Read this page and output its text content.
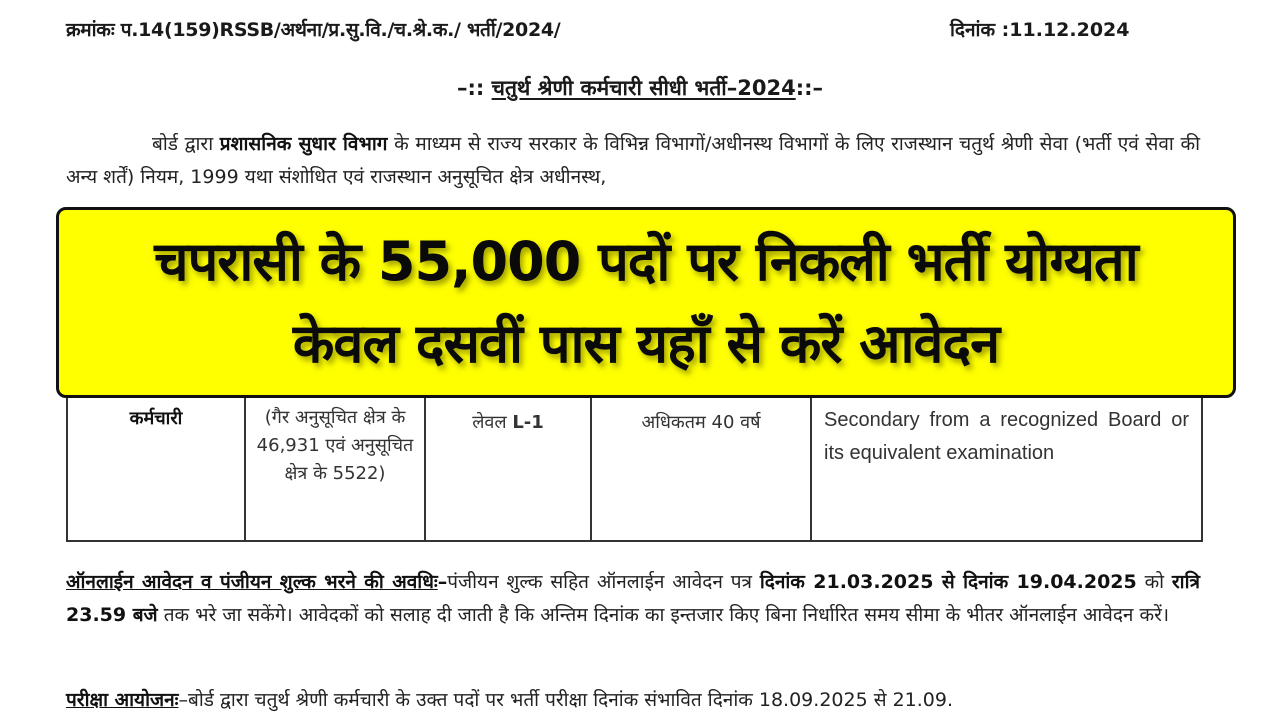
क्रमांकः प.14(159)RSSB/अर्थना/प्र.सु.वि./च.श्रे.क./ भर्ती/2024/	दिनांक :11.12.2024
–:: चतुर्थ श्रेणी कर्मचारी सीधी भर्ती–2024::–
बोर्ड द्वारा प्रशासनिक सुधार विभाग के माध्यम से राज्य सरकार के विभिन्न विभागों/अधीनस्थ विभागों के लिए राजस्थान चतुर्थ श्रेणी सेवा (भर्ती एवं सेवा की अन्य शर्तें) नियम, 1999 यथा संशोधित एवं राजस्थान अनुसूचित क्षेत्र अधीनस्थ,
कर्मचारी	(गैर अनुसूचित क्षेत्र के 46,931 एवं अनुसूचित क्षेत्र के 5522)	लेवल L-1	अधिकतम 40 वर्ष	Secondary from a recognized Board or its equivalent examination
ऑनलाईन आवेदन व पंजीयन शुल्क भरने की अवधिः–पंजीयन शुल्क सहित ऑनलाईन आवेदन पत्र दिनांक 21.03.2025 से दिनांक 19.04.2025 को रात्रि 23.59 बजे तक भरे जा सकेंगे। आवेदकों को सलाह दी जाती है कि अन्तिम दिनांक का इन्तजार किए बिना निर्धारित समय सीमा के भीतर ऑनलाईन आवेदन करें।
परीक्षा आयोजनः–बोर्ड द्वारा चतुर्थ श्रेणी कर्मचारी के उक्त पदों पर भर्ती परीक्षा दिनांक संभावित दिनांक 18.09.2025 से 21.09.
चपरासी के 55,000 पदों पर निकली भर्ती योग्यता
केवल दसवीं पास यहाँ से करें आवेदन
